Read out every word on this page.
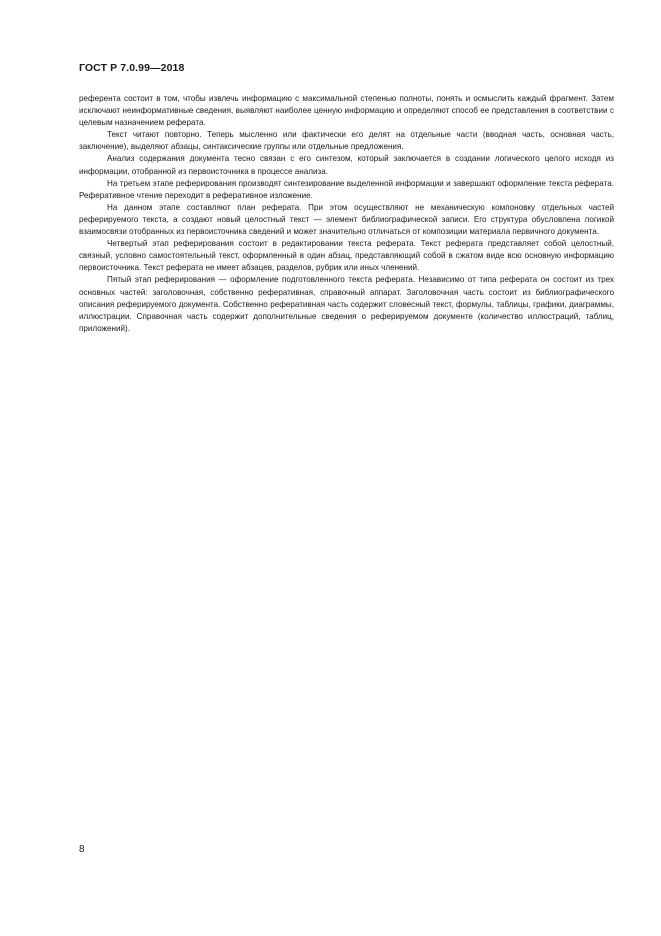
ГОСТ Р 7.0.99—2018

референта состоит в том, чтобы извлечь информацию с максимальной степенью полноты, понять и осмыслить каждый фрагмент. Затем исключают неинформативные сведения, выявляют наиболее ценную информацию и определяют способ ее представления в соответствии с целевым назначением реферата.

Текст читают повторно. Теперь мысленно или фактически его делят на отдельные части (вводная часть, основная часть, заключение), выделяют абзацы, синтаксические группы или отдельные предложения.

Анализ содержания документа тесно связан с его синтезом, который заключается в создании логического целого исходя из информации, отобранной из первоисточника в процессе анализа.

На третьем этапе реферирования производят синтезирование выделенной информации и завершают оформление текста реферата. Реферативное чтение переходит в реферативное изложение.

На данном этапе составляют план реферата. При этом осуществляют не механическую компоновку отдельных частей реферируемого текста, а создают новый целостный текст — элемент библиографической записи. Его структура обусловлена логикой взаимосвязи отобранных из первоисточника сведений и может значительно отличаться от композиции материала первичного документа.

Четвертый этап реферирования состоит в редактировании текста реферата. Текст реферата представляет собой целостный, связный, условно самостоятельный текст, оформленный в один абзац, представляющий собой в сжатом виде всю основную информацию первоисточника. Текст реферата не имеет абзацев, разделов, рубрик или иных членений.

Пятый этап реферирования — оформление подготовленного текста реферата. Независимо от типа реферата он состоит из трех основных частей: заголовочная, собственно реферативная, справочный аппарат. Заголовочная часть состоит из библиографического описания реферируемого документа. Собственно реферативная часть содержит словесный текст, формулы, таблицы, графики, диаграммы, иллюстрации. Справочная часть содержит дополнительные сведения о реферируемом документе (количество иллюстраций, таблиц, приложений).

8
